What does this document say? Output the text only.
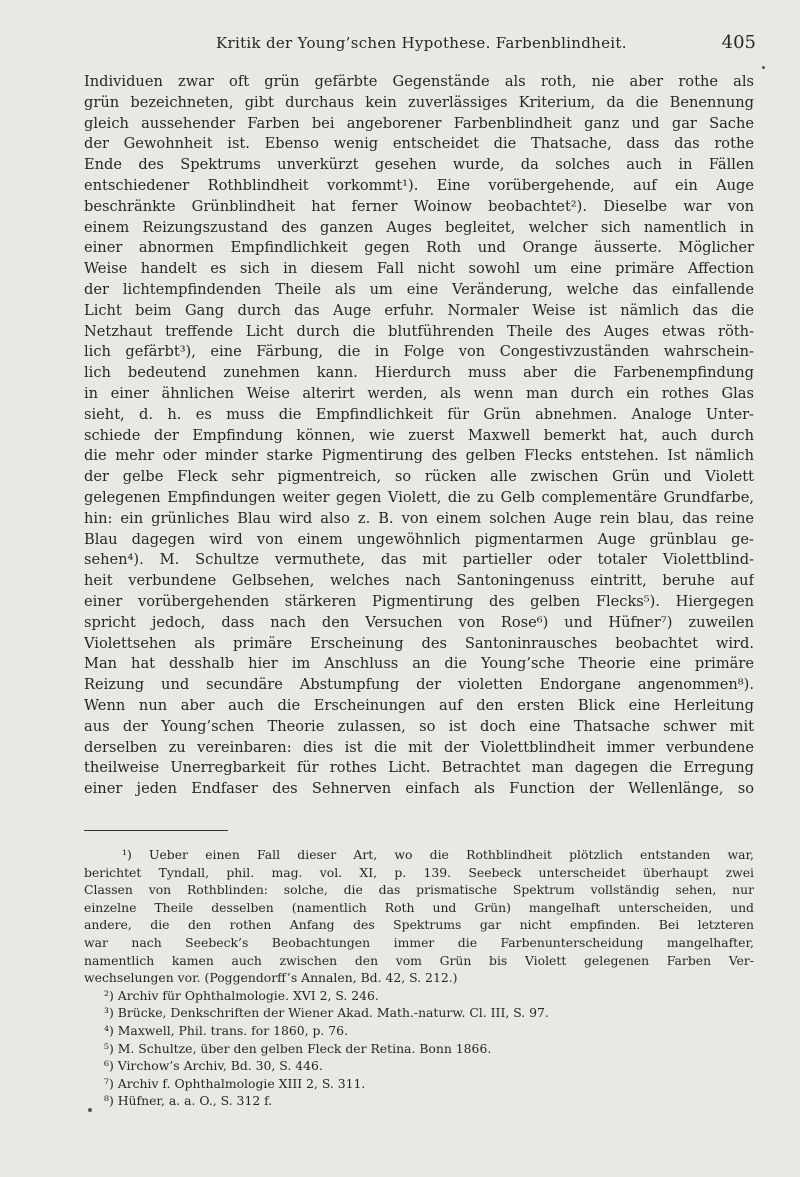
Kritik der Young’schen Hypothese. Farbenblindheit.	405
Individuen zwar oft grün gefärbte Gegenstände als roth, nie aber rothe als
grün bezeichneten, gibt durchaus kein zuverlässiges Kriterium, da die Benennung
gleich aussehender Farben bei angeborener Farbenblindheit ganz und gar Sache
der Gewohnheit ist. Ebenso wenig entscheidet die Thatsache, dass das rothe
Ende des Spektrums unverkürzt gesehen wurde, da solches auch in Fällen
entschiedener Rothblindheit vorkommt¹). Eine vorübergehende, auf ein Auge
beschränkte Grünblindheit hat ferner Woinow beobachtet²). Dieselbe war von
einem Reizungszustand des ganzen Auges begleitet, welcher sich namentlich in
einer abnormen Empfindlichkeit gegen Roth und Orange äusserte. Möglicher
Weise handelt es sich in diesem Fall nicht sowohl um eine primäre Affection
der lichtempfindenden Theile als um eine Veränderung, welche das einfallende
Licht beim Gang durch das Auge erfuhr. Normaler Weise ist nämlich das die
Netzhaut treffende Licht durch die blutführenden Theile des Auges etwas röth-
lich gefärbt³), eine Färbung, die in Folge von Congestivzuständen wahrschein-
lich bedeutend zunehmen kann. Hierdurch muss aber die Farbenempfindung
in einer ähnlichen Weise alterirt werden, als wenn man durch ein rothes Glas
sieht, d. h. es muss die Empfindlichkeit für Grün abnehmen. Analoge Unter-
schiede der Empfindung können, wie zuerst Maxwell bemerkt hat, auch durch
die mehr oder minder starke Pigmentirung des gelben Flecks entstehen. Ist nämlich
der gelbe Fleck sehr pigmentreich, so rücken alle zwischen Grün und Violett
gelegenen Empfindungen weiter gegen Violett, die zu Gelb complementäre Grundfarbe,
hin: ein grünliches Blau wird also z. B. von einem solchen Auge rein blau, das reine
Blau dagegen wird von einem ungewöhnlich pigmentarmen Auge grünblau ge-
sehen⁴). M. Schultze vermuthete, das mit partieller oder totaler Violettblind-
heit verbundene Gelbsehen, welches nach Santoningenuss eintritt, beruhe auf
einer vorübergehenden stärkeren Pigmentirung des gelben Flecks⁵). Hiergegen
spricht jedoch, dass nach den Versuchen von Rose⁶) und Hüfner⁷) zuweilen
Violettsehen als primäre Erscheinung des Santoninrausches beobachtet wird.
Man hat desshalb hier im Anschluss an die Young’sche Theorie eine primäre
Reizung und secundäre Abstumpfung der violetten Endorgane angenommen⁸).
Wenn nun aber auch die Erscheinungen auf den ersten Blick eine Herleitung
aus der Young’schen Theorie zulassen, so ist doch eine Thatsache schwer mit
derselben zu vereinbaren: dies ist die mit der Violettblindheit immer verbundene
theilweise Unerregbarkeit für rothes Licht. Betrachtet man dagegen die Erregung
einer jeden Endfaser des Sehnerven einfach als Function der Wellenlänge, so
¹) Ueber einen Fall dieser Art, wo die Rothblindheit plötzlich entstanden war,
berichtet Tyndall, phil. mag. vol. XI, p. 139. Seebeck unterscheidet überhaupt zwei
Classen von Rothblinden: solche, die das prismatische Spektrum vollständig sehen, nur
einzelne Theile desselben (namentlich Roth und Grün) mangelhaft unterscheiden, und
andere, die den rothen Anfang des Spektrums gar nicht empfinden. Bei letzteren
war nach Seebeck’s Beobachtungen immer die Farbenunterscheidung mangelhafter,
namentlich kamen auch zwischen den vom Grün bis Violett gelegenen Farben Ver-
wechselungen vor. (Poggendorff’s Annalen, Bd. 42, S. 212.)
²) Archiv für Ophthalmologie. XVI 2, S. 246.
³) Brücke, Denkschriften der Wiener Akad. Math.-naturw. Cl. III, S. 97.
⁴) Maxwell, Phil. trans. for 1860, p. 76.
⁵) M. Schultze, über den gelben Fleck der Retina. Bonn 1866.
⁶) Virchow’s Archiv, Bd. 30, S. 446.
⁷) Archiv f. Ophthalmologie XIII 2, S. 311.
⁸) Hüfner, a. a. O., S. 312 f.
